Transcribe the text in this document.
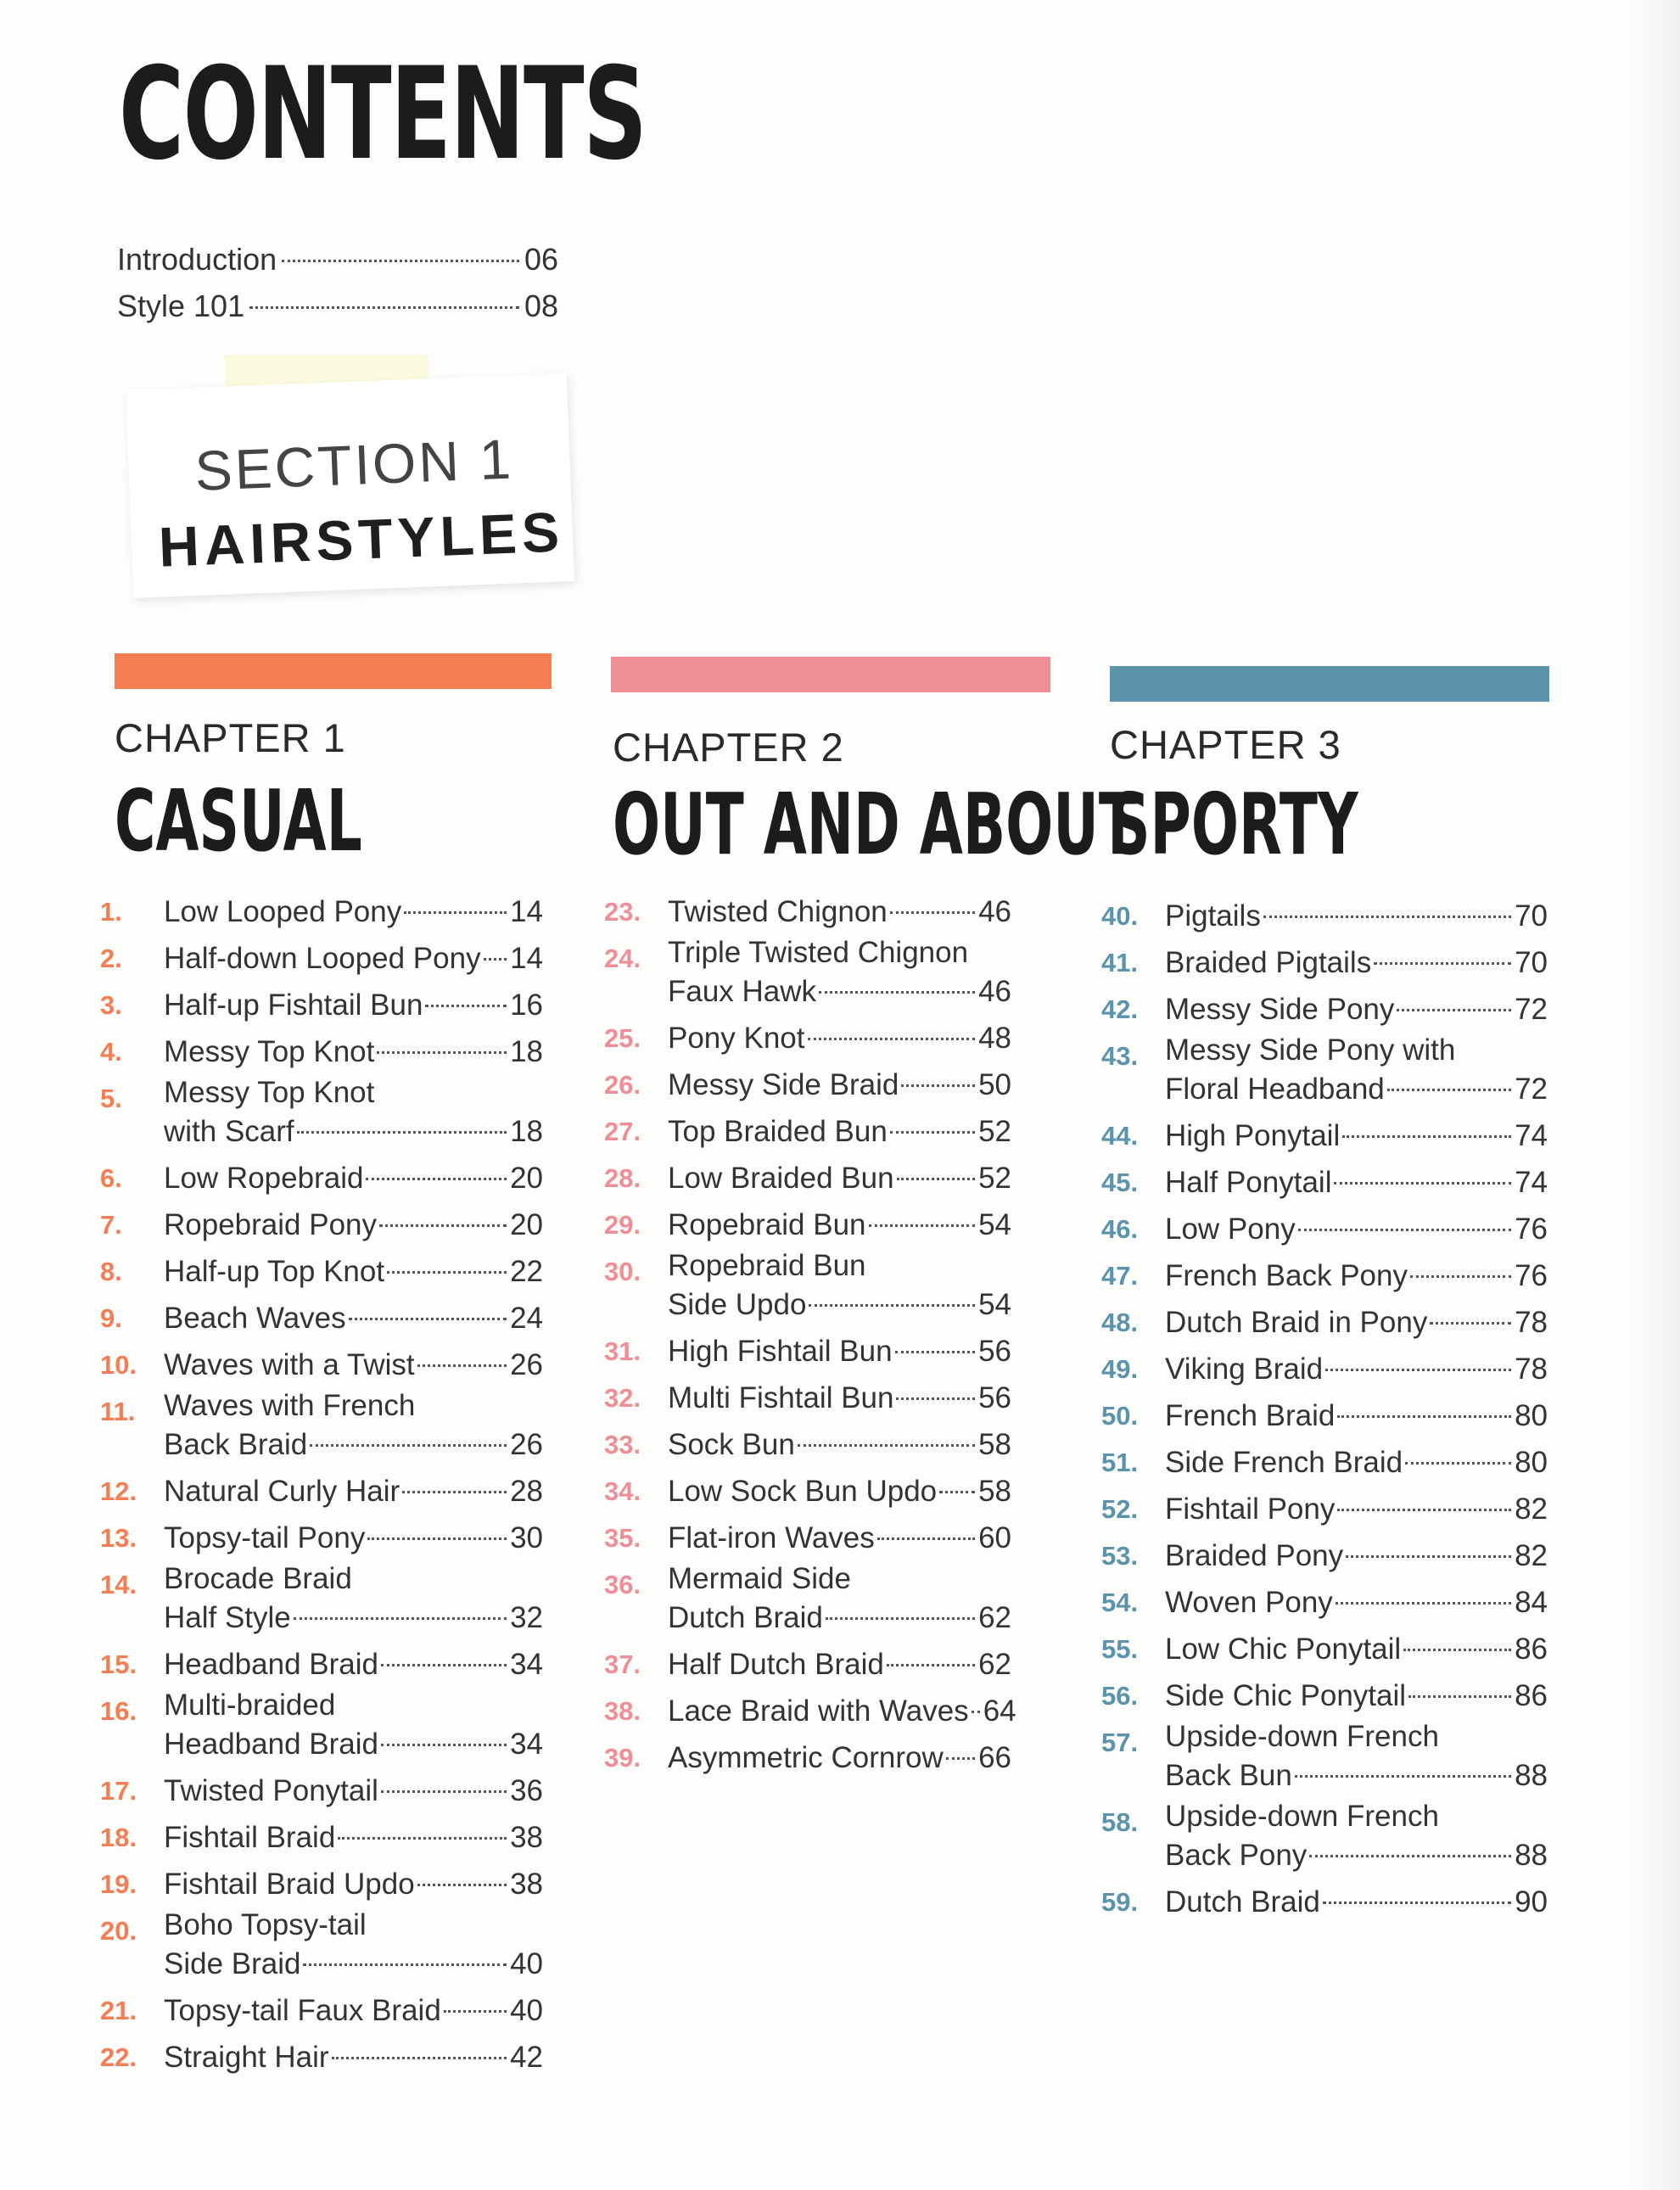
CONTENTS
Introduction	06
Style 101	08
SECTION 1
HAIRSTYLES
CHAPTER 1
CASUAL
1. Low Looped Pony	14
2. Half-down Looped Pony 14
3. Half-up Fishtail Bun	16
4. Messy Top Knot	18
5. Messy Top Knot
with Scarf	18
6. Low Ropebraid	20
7. Ropebraid Pony	20
8. Half-up Top Knot	22
9. Beach Waves	24
10. Waves with a Twist	26
11. Waves with French
Back Braid	26
12. Natural Curly Hair	28
13. Topsy-tail Pony	30
14. Brocade Braid
Half Style	32
15. Headband Braid	34
16. Multi-braided
Headband Braid	34
17. Twisted Ponytail	36
18. Fishtail Braid	38
19. Fishtail Braid Updo	38
20. Boho Topsy-tail
Side Braid	40
21. Topsy-tail Faux Braid 40
22. Straight Hair	42
CHAPTER 2
OUT AND ABOUT
23. Twisted Chignon	46
24. Triple Twisted Chignon
Faux Hawk	46
25. Pony Knot	48
26. Messy Side Braid	50
27. Top Braided Bun	52
28. Low Braided Bun	52
29. Ropebraid Bun	54
30. Ropebraid Bun
Side Updo	54
31. High Fishtail Bun	56
32. Multi Fishtail Bun	56
33. Sock Bun	58
34. Low Sock Bun Updo 58
35. Flat-iron Waves	60
36. Mermaid Side
Dutch Braid	62
37. Half Dutch Braid	62
38. Lace Braid with Waves 64
39. Asymmetric Cornrow 66
CHAPTER 3
SPORTY
40. Pigtails	70
41. Braided Pigtails	70
42. Messy Side Pony	72
43. Messy Side Pony with
Floral Headband	72
44. High Ponytail	74
45. Half Ponytail	74
46. Low Pony	76
47. French Back Pony	76
48. Dutch Braid in Pony	78
49. Viking Braid	78
50. French Braid	80
51. Side French Braid	80
52. Fishtail Pony	82
53. Braided Pony	82
54. Woven Pony	84
55. Low Chic Ponytail	86
56. Side Chic Ponytail	86
57. Upside-down French
Back Bun	88
58. Upside-down French
Back Pony	88
59. Dutch Braid	90
